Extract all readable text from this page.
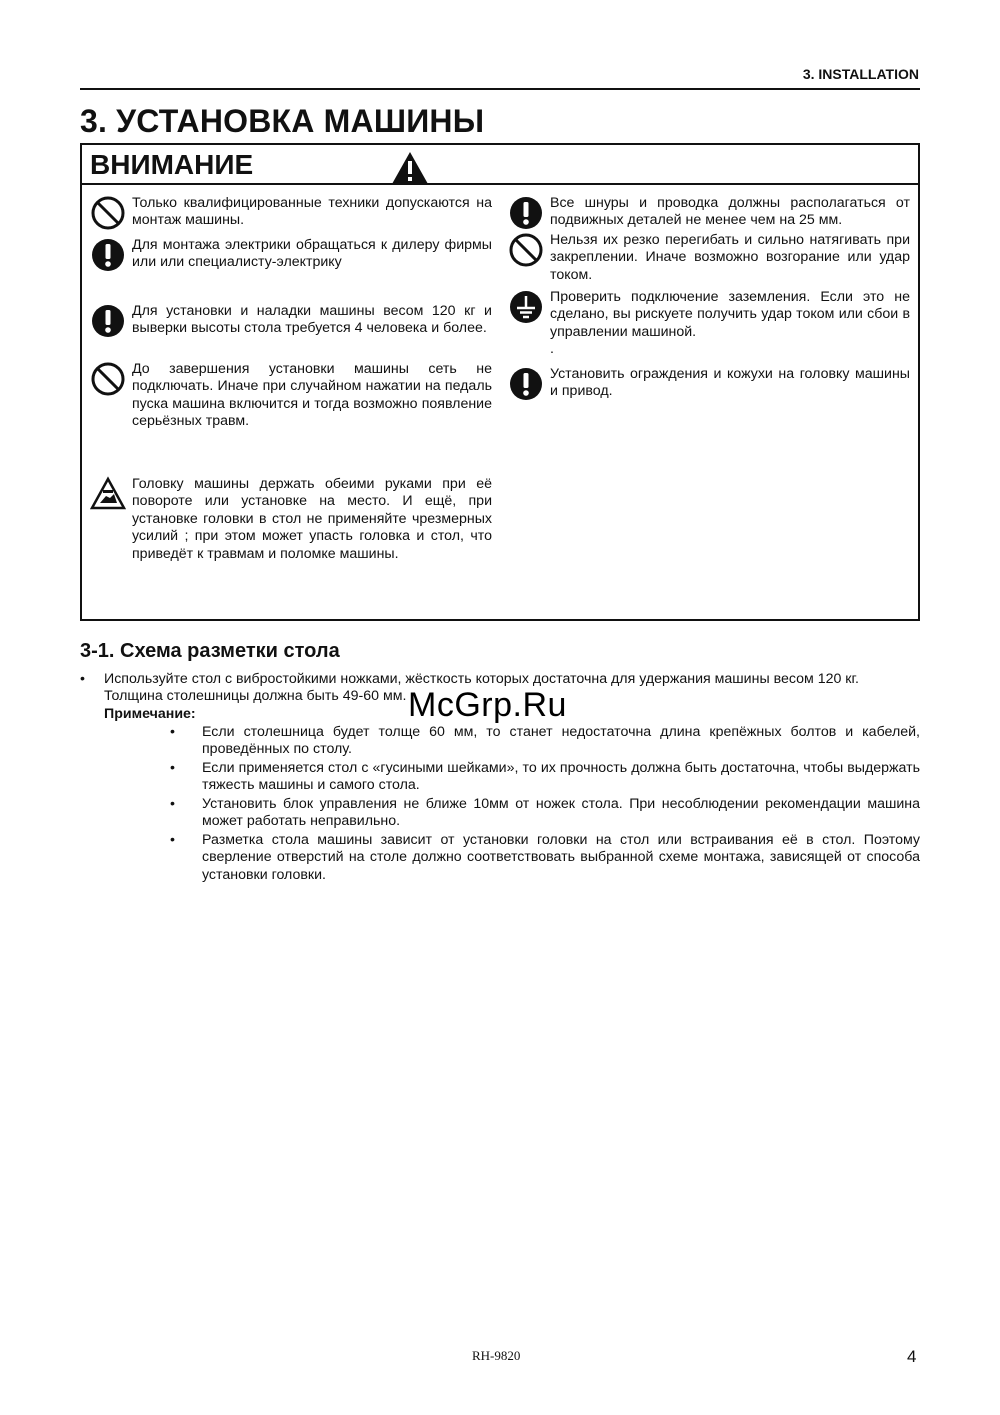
3. INSTALLATION
3. УСТАНОВКА МАШИНЫ
ВНИМАНИЕ
Только квалифицированные техники допускаются на монтаж машины.
Для монтажа электрики обращаться к дилеру фирмы или или специалисту-электрику
Для установки и наладки машины весом 120 кг и выверки высоты стола требуется 4 человека и более.
До завершения установки машины сеть не подключать. Иначе при случайном нажатии на педаль пуска машина включится и тогда возможно появление серьёзных травм.
Головку машины держать обеими руками при её повороте или установке на место. И ещё, при установке головки в стол не применяйте чрезмерных усилий ; при этом может упасть головка и стол, что приведёт к травмам и поломке машины.
Все шнуры и проводка должны располагаться от подвижных деталей не менее чем на 25 мм.
Нельзя их резко перегибать и сильно натягивать при закреплении. Иначе возможно возгорание или удар током.
Проверить подключение заземления. Если это не сделано, вы рискуете получить удар током или сбои в управлении машиной.
.
Установить ограждения и кожухи на головку машины и привод.
3-1. Схема разметки стола
• Используйте стол с вибростойкими ножками, жёсткость которых достаточна для удержания машины весом 120 кг. Толщина столешницы должна быть 49-60 мм.
Примечание:
• Если столешница будет толще 60 мм, то станет недостаточна длина крепёжных болтов и кабелей, проведённых по столу.
• Если применяется стол с «гусиными шейками», то их прочность должна быть достаточна, чтобы выдержать тяжесть машины и самого стола.
• Установить блок управления не ближе 10мм от ножек стола. При несоблюдении рекомендации машина может работать неправильно.
• Разметка стола машины зависит от установки головки на стол или встраивания её в стол. Поэтому сверление отверстий на столе должно соответствовать выбранной схеме монтажа, зависящей от способа установки головки.
McGrp.Ru
RH-9820	4
